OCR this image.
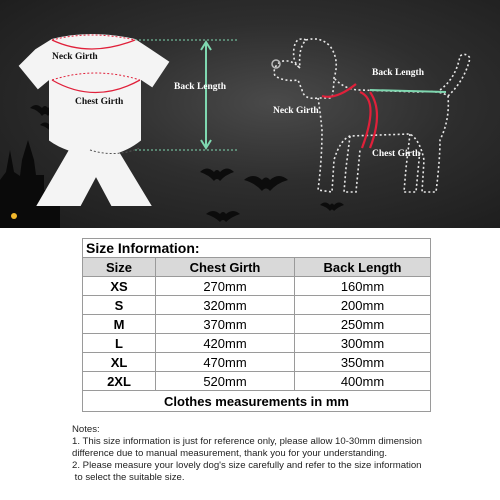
Neck Girth
Chest Girth
Back Length
Back Length
Neck Girth
Chest Girth
Size Information:		
Size	Chest Girth	Back Length
XS	270mm	160mm
S	320mm	200mm
M	370mm	250mm
L	420mm	300mm
XL	470mm	350mm
2XL	520mm	400mm
Clothes measurements in mm		
Notes:
1. This size information is just for reference only, please allow 10-30mm dimension
difference due to manual measurement, thank you for your understanding.
2. Please measure your lovely dog's size carefully and refer to the size information
to select the suitable size.
